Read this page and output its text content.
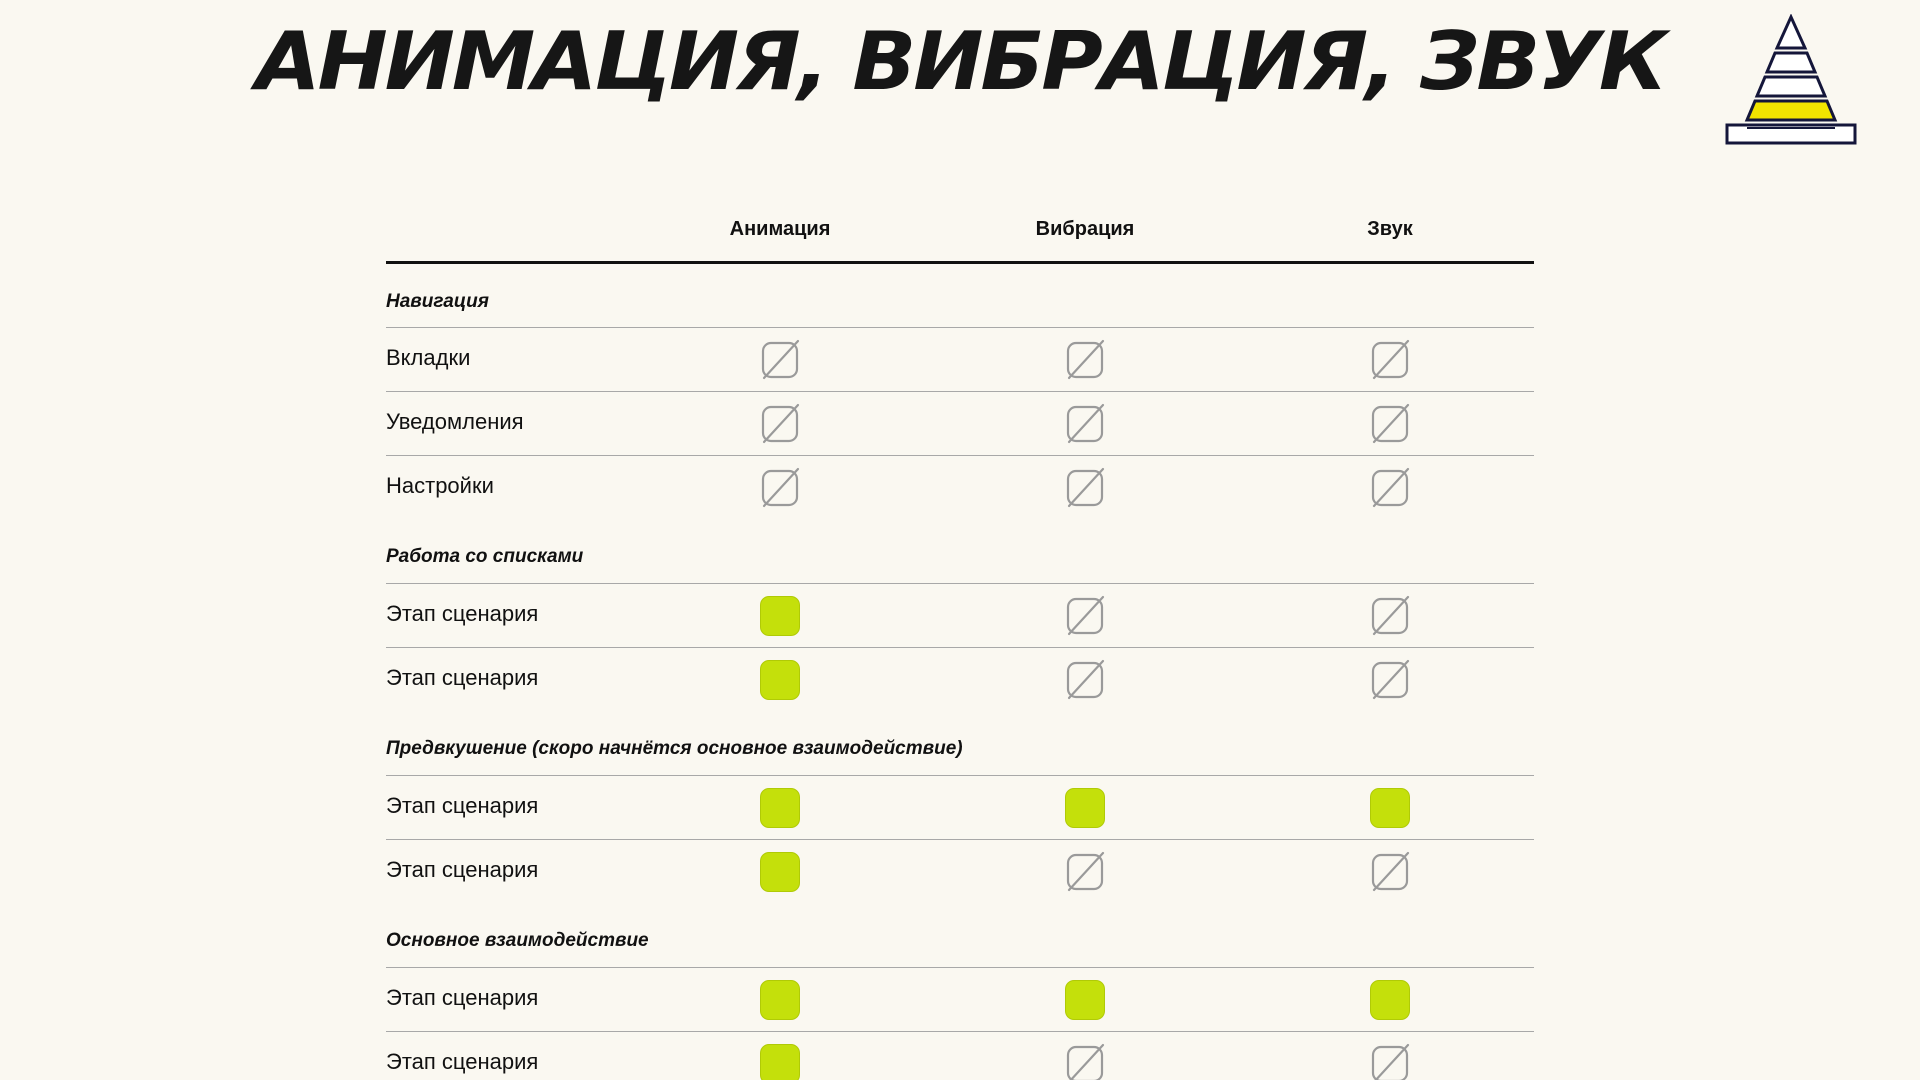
АНИМАЦИЯ, ВИБРАЦИЯ, ЗВУК
Анимация	Вибрация	Звук
Навигация
Вкладки
Уведомления
Настройки
Работа со списками
Этап сценария
Этап сценария
Предвкушение (скоро начнётся основное взаимодействие)
Этап сценария
Этап сценария
Основное взаимодействие
Этап сценария
Этап сценария
